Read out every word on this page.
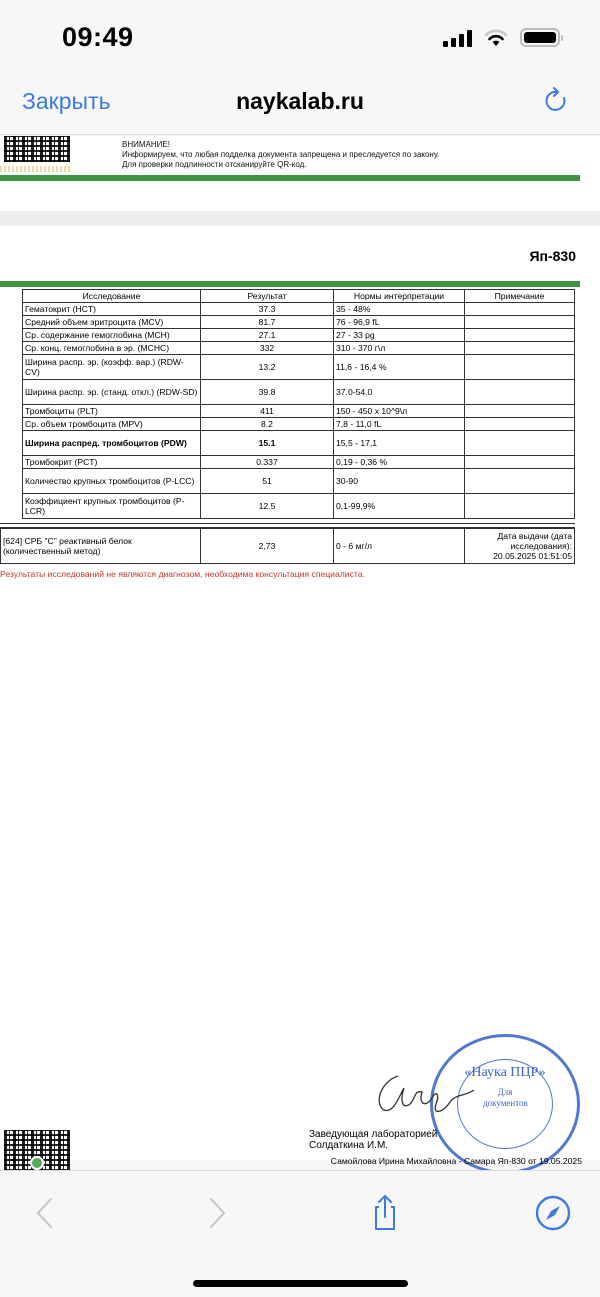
09:49
Закрыть	naykalab.ru
ВНИМАНИЕ!
Информируем, что любая подделка документа запрещена и преследуется по закону.
Для проверки подлинности отсканируйте QR-код.
Яп-830
Исследование	Результат	Нормы интерпретации	Примечание
Гематокрит (HCT)	37.3	35 - 48%	
Средний объем эритроцита (MCV)	81.7	76 - 96,9 fL	
Ср. содержание гемоглобина (MCH)	27.1	27 - 33 pg	
Ср. конц. гемоглобина в эр. (MCHC)	332	310 - 370 г\л	
Ширина распр. эр. (коэфф. вар.) (RDW-CV)	13.2	11,6 - 16,4 %	
Ширина распр. эр. (станд. откл.) (RDW-SD)	39.8	37.0-54.0	
Тромбоциты (PLT)	411	150 - 450 x 10^9\л	
Ср. объем тромбоцита (MPV)	8.2	7,8 - 11,0 fL	
Ширина распред. тромбоцитов (PDW)	15.1	15,5 - 17,1	
Тромбокрит (PCT)	0.337	0,19 - 0,36 %	
Количество крупных тромбоцитов (P-LCC)	51	30-90	
Коэффициент крупных тромбоцитов (P-LCR)	12.5	0,1-99,9%	
[624] СРБ "С" реактивный белок (количественный метод)	2,73	0 - 6 мг/л	Дата выдачи (дата исследования): 20.05.2025 01:51:05
Результаты исследований не являются диагнозом, необходима консультация специалиста.
«Наука ПЦР»
Для документов
Заведующая лабораторией
Солдаткина И.М.
Самойлова Ирина Михайловна - Самара Яп-830 от 19.05.2025
